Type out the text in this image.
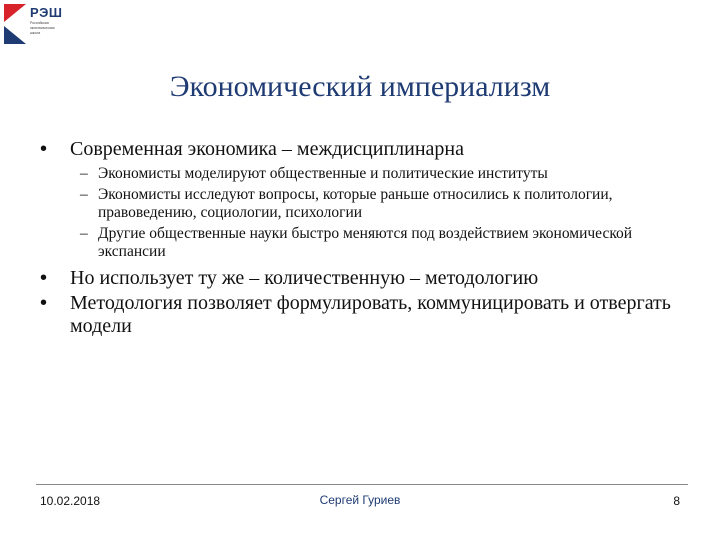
РЭШ
Российская
экономическая
школа
Экономический империализм
• Современная экономика – междисциплинарна
– Экономисты моделируют общественные и политические институты
– Экономисты исследуют вопросы, которые раньше относились к политологии, правоведению, социологии, психологии
– Другие общественные науки быстро меняются под воздействием экономической экспансии
• Но использует ту же – количественную – методологию
• Методология позволяет формулировать, коммуницировать и отвергать модели
10.02.2018	Сергей Гуриев	8
